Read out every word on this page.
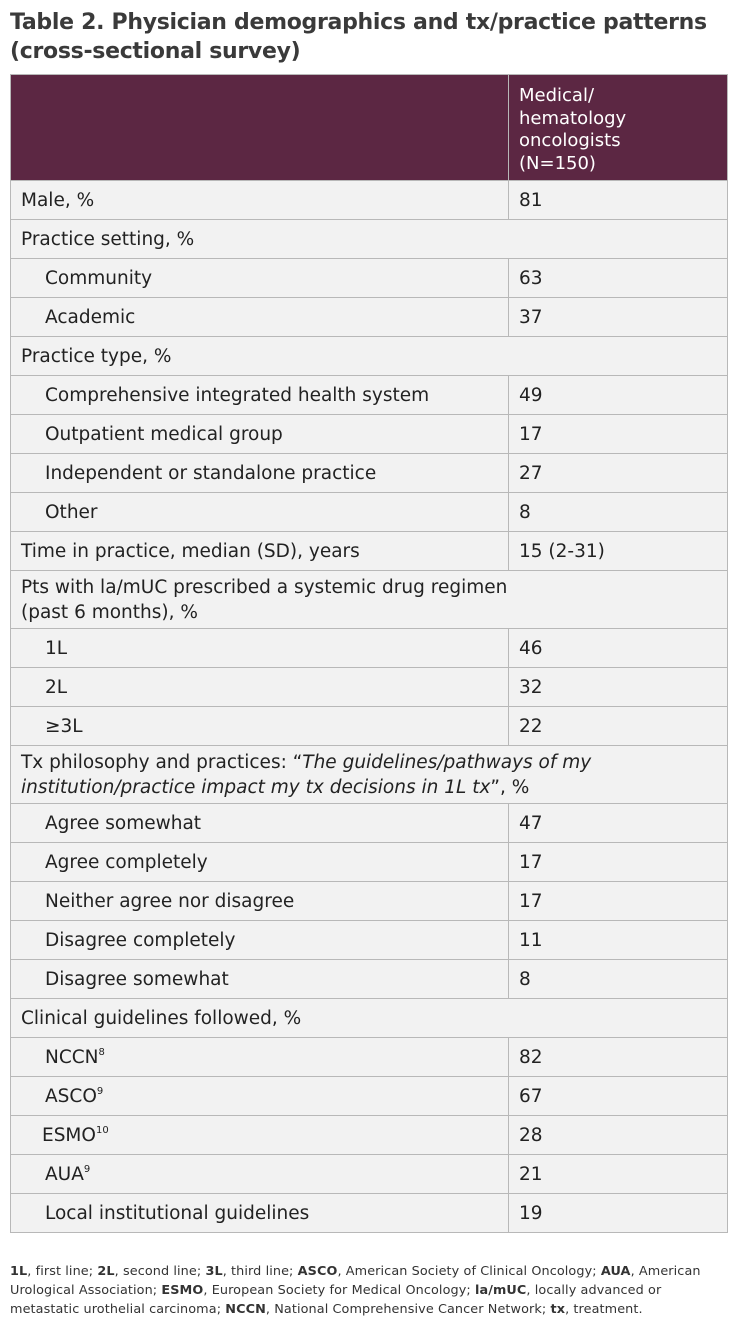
Table 2. Physician demographics and tx/practice patterns
(cross-sectional survey)

	Medical/
hematology
oncologists
(N=150)

Male, %	81
Practice setting, %	
Community	63
Academic	37
Practice type, %	
Comprehensive integrated health system	49
Outpatient medical group	17
Independent or standalone practice	27
Other	8
Time in practice, median (SD), years	15 (2-31)

Pts with la/mUC prescribed a systemic drug regimen
(past 6 months), %	

1L	46
2L	32
≥3L	22

Tx philosophy and practices: “The guidelines/pathways of my
institution/practice impact my tx decisions in 1L tx”, %	

Agree somewhat	47
Agree completely	17
Neither agree nor disagree	17
Disagree completely	11
Disagree somewhat	8
Clinical guidelines followed, %	
NCCN$^8$	82
ASCO$^9$	67
ESMO$^{10}$	28
AUA$^9$	21
Local institutional guidelines	19
1L, first line; 2L, second line; 3L, third line; ASCO, American Society of Clinical Oncology; AUA, American Urological Association; ESMO, European Society for Medical Oncology; la/mUC, locally advanced or metastatic urothelial carcinoma; NCCN, National Comprehensive Cancer Network; tx, treatment.
